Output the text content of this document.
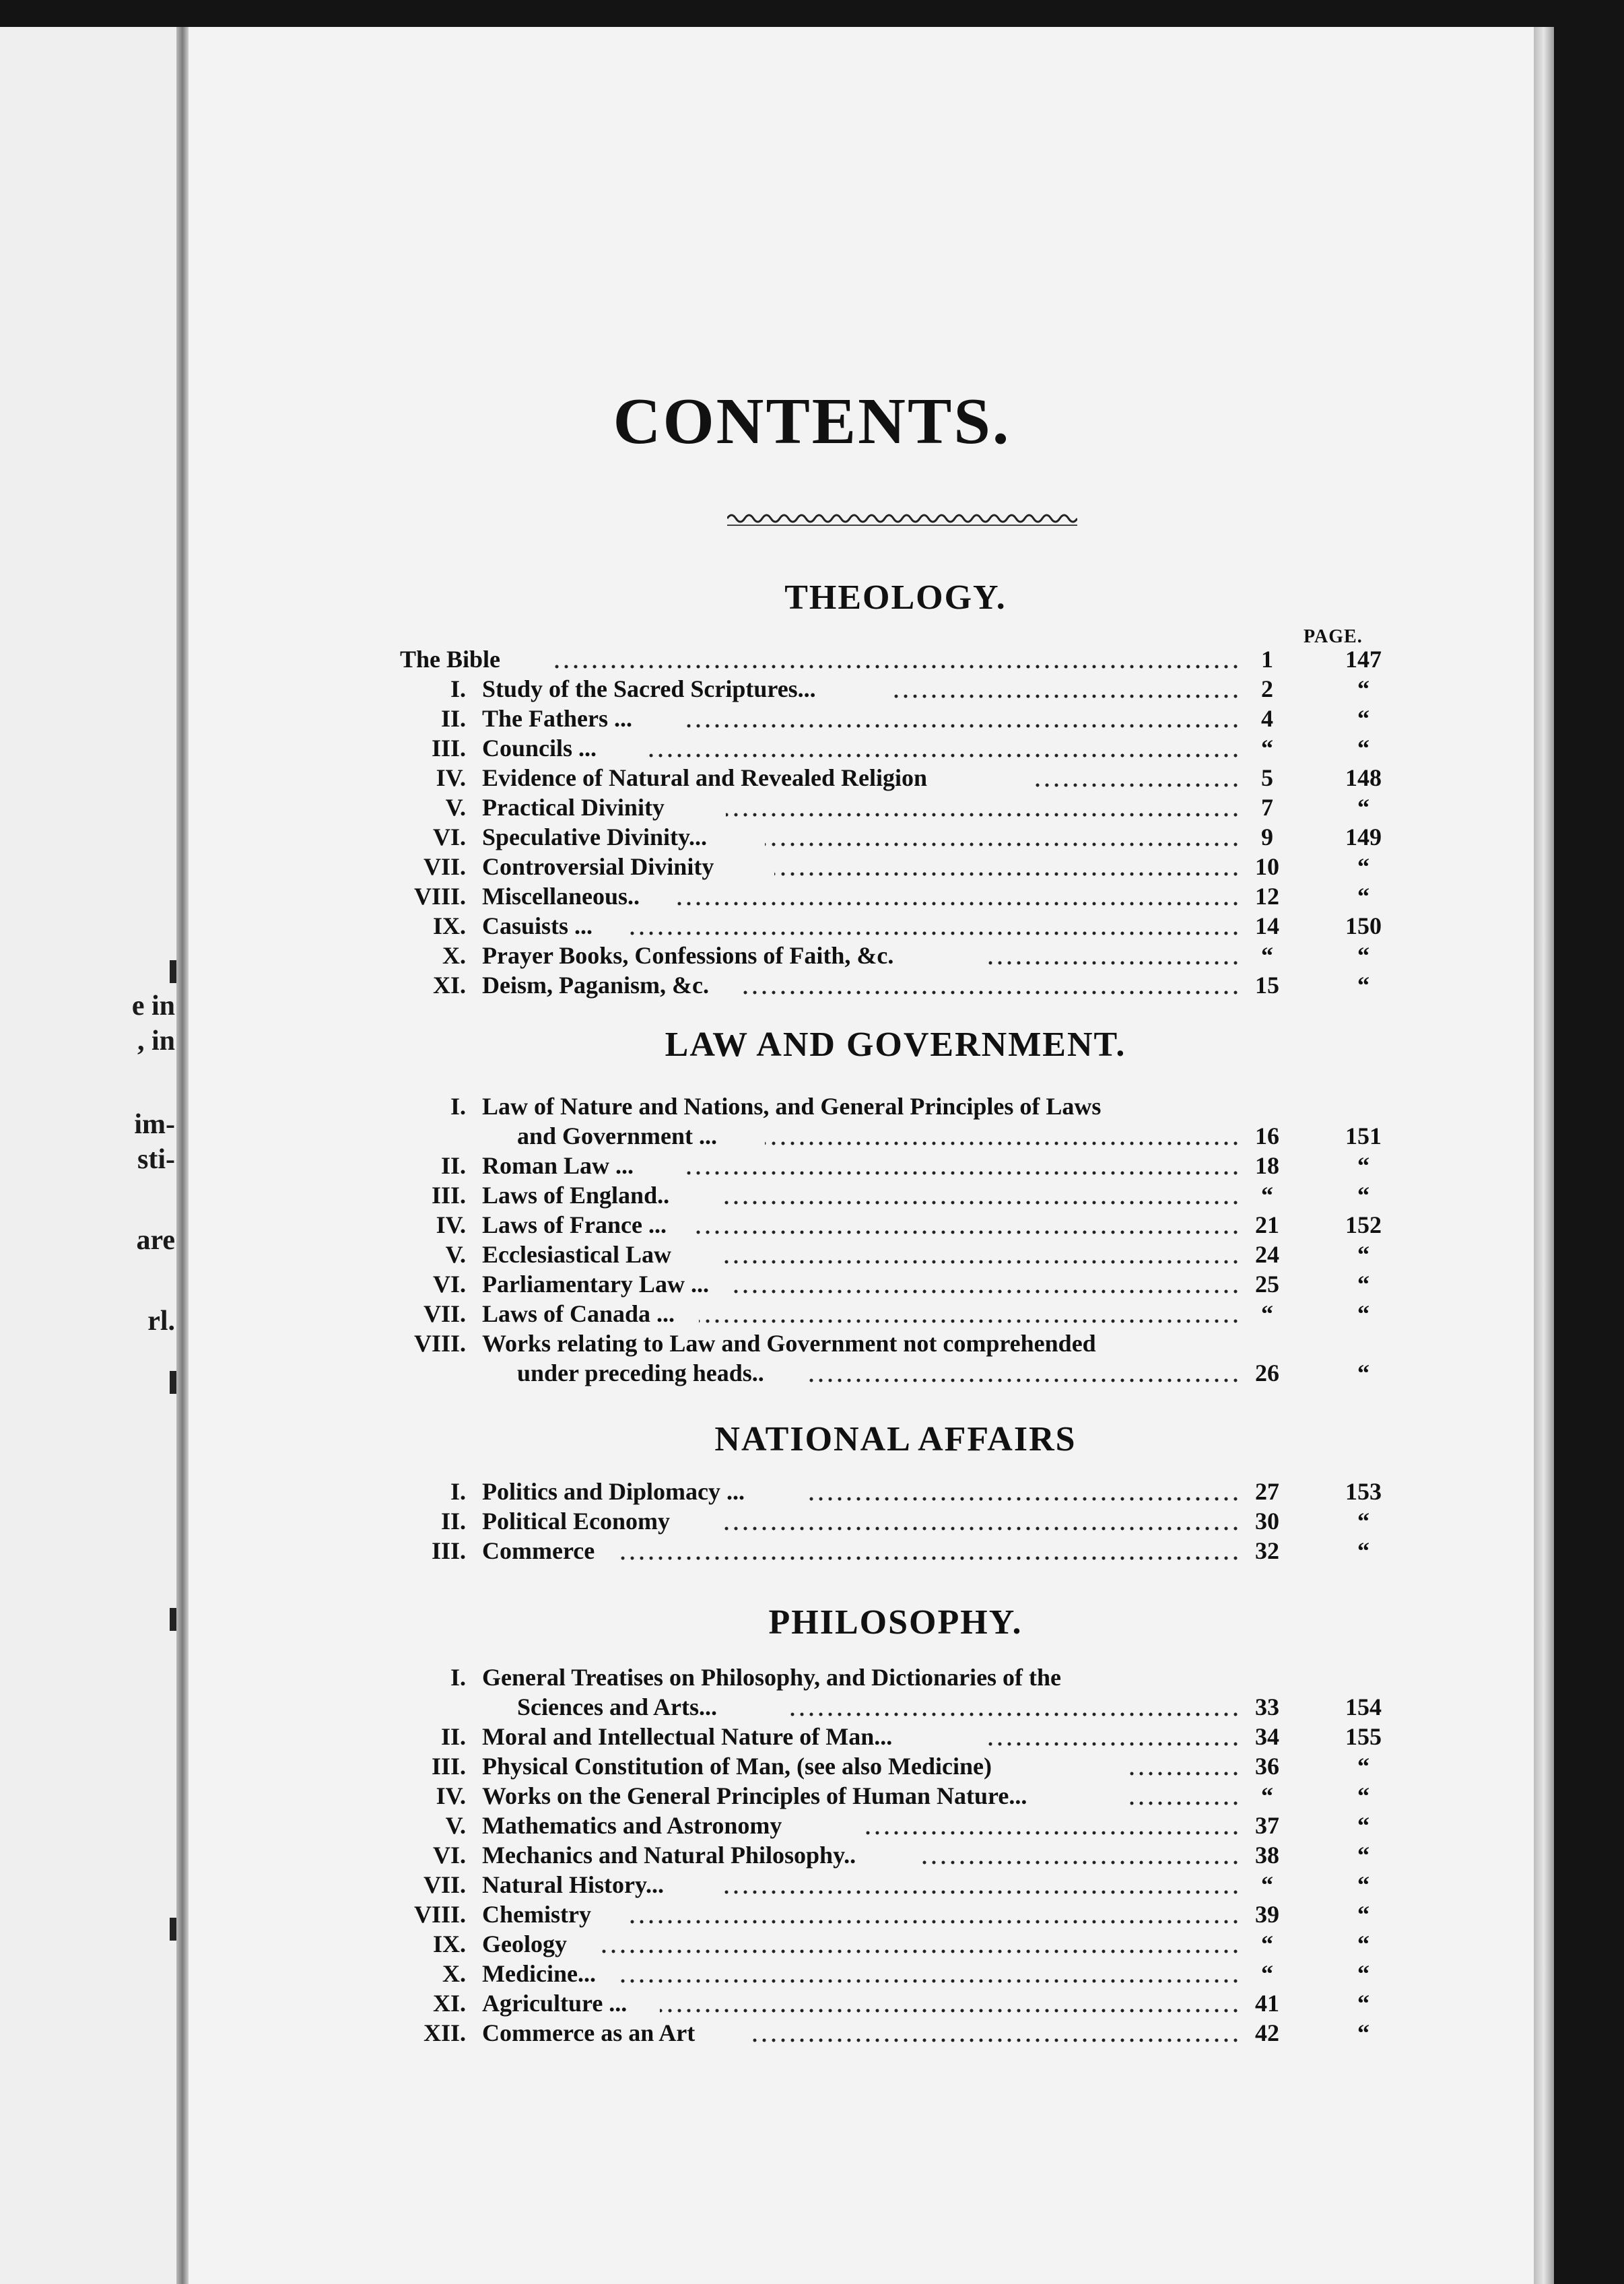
e in
, in
im-
sti-
are
rl.
CONTENTS.
THEOLOGY.
PAGE.
The Bible	1	147
I. Study of the Sacred Scriptures...	2	“
II. The Fathers ...	4	“
III. Councils ...	“	“
IV. Evidence of Natural and Revealed Religion	5	148
V. Practical Divinity	7	“
VI. Speculative Divinity...	9	149
VII. Controversial Divinity	10	“
VIII. Miscellaneous..	12	“
IX. Casuists ...	14	150
X. Prayer Books, Confessions of Faith, &c.	“	“
XI. Deism, Paganism, &c.	15	“
LAW AND GOVERNMENT.
I. Law of Nature and Nations, and General Principles of Laws
and Government ...	16	151
II. Roman Law ...	18	“
III. Laws of England..	“	“
IV. Laws of France ...	21	152
V. Ecclesiastical Law	24	“
VI. Parliamentary Law ...	25	“
VII. Laws of Canada ...	“	“
VIII. Works relating to Law and Government not comprehended
under preceding heads..	26	“
NATIONAL AFFAIRS
I. Politics and Diplomacy ...	27	153
II. Political Economy	30	“
III. Commerce	32	“
PHILOSOPHY.
I. General Treatises on Philosophy, and Dictionaries of the
Sciences and Arts...	33	154
II. Moral and Intellectual Nature of Man...	34	155
III. Physical Constitution of Man, (see also Medicine)	36	“
IV. Works on the General Principles of Human Nature...	“	“
V. Mathematics and Astronomy	37	“
VI. Mechanics and Natural Philosophy..	38	“
VII. Natural History...	“	“
VIII. Chemistry	39	“
IX. Geology	“	“
X. Medicine...	“	“
XI. Agriculture ...	41	“
XII. Commerce as an Art	42	“
